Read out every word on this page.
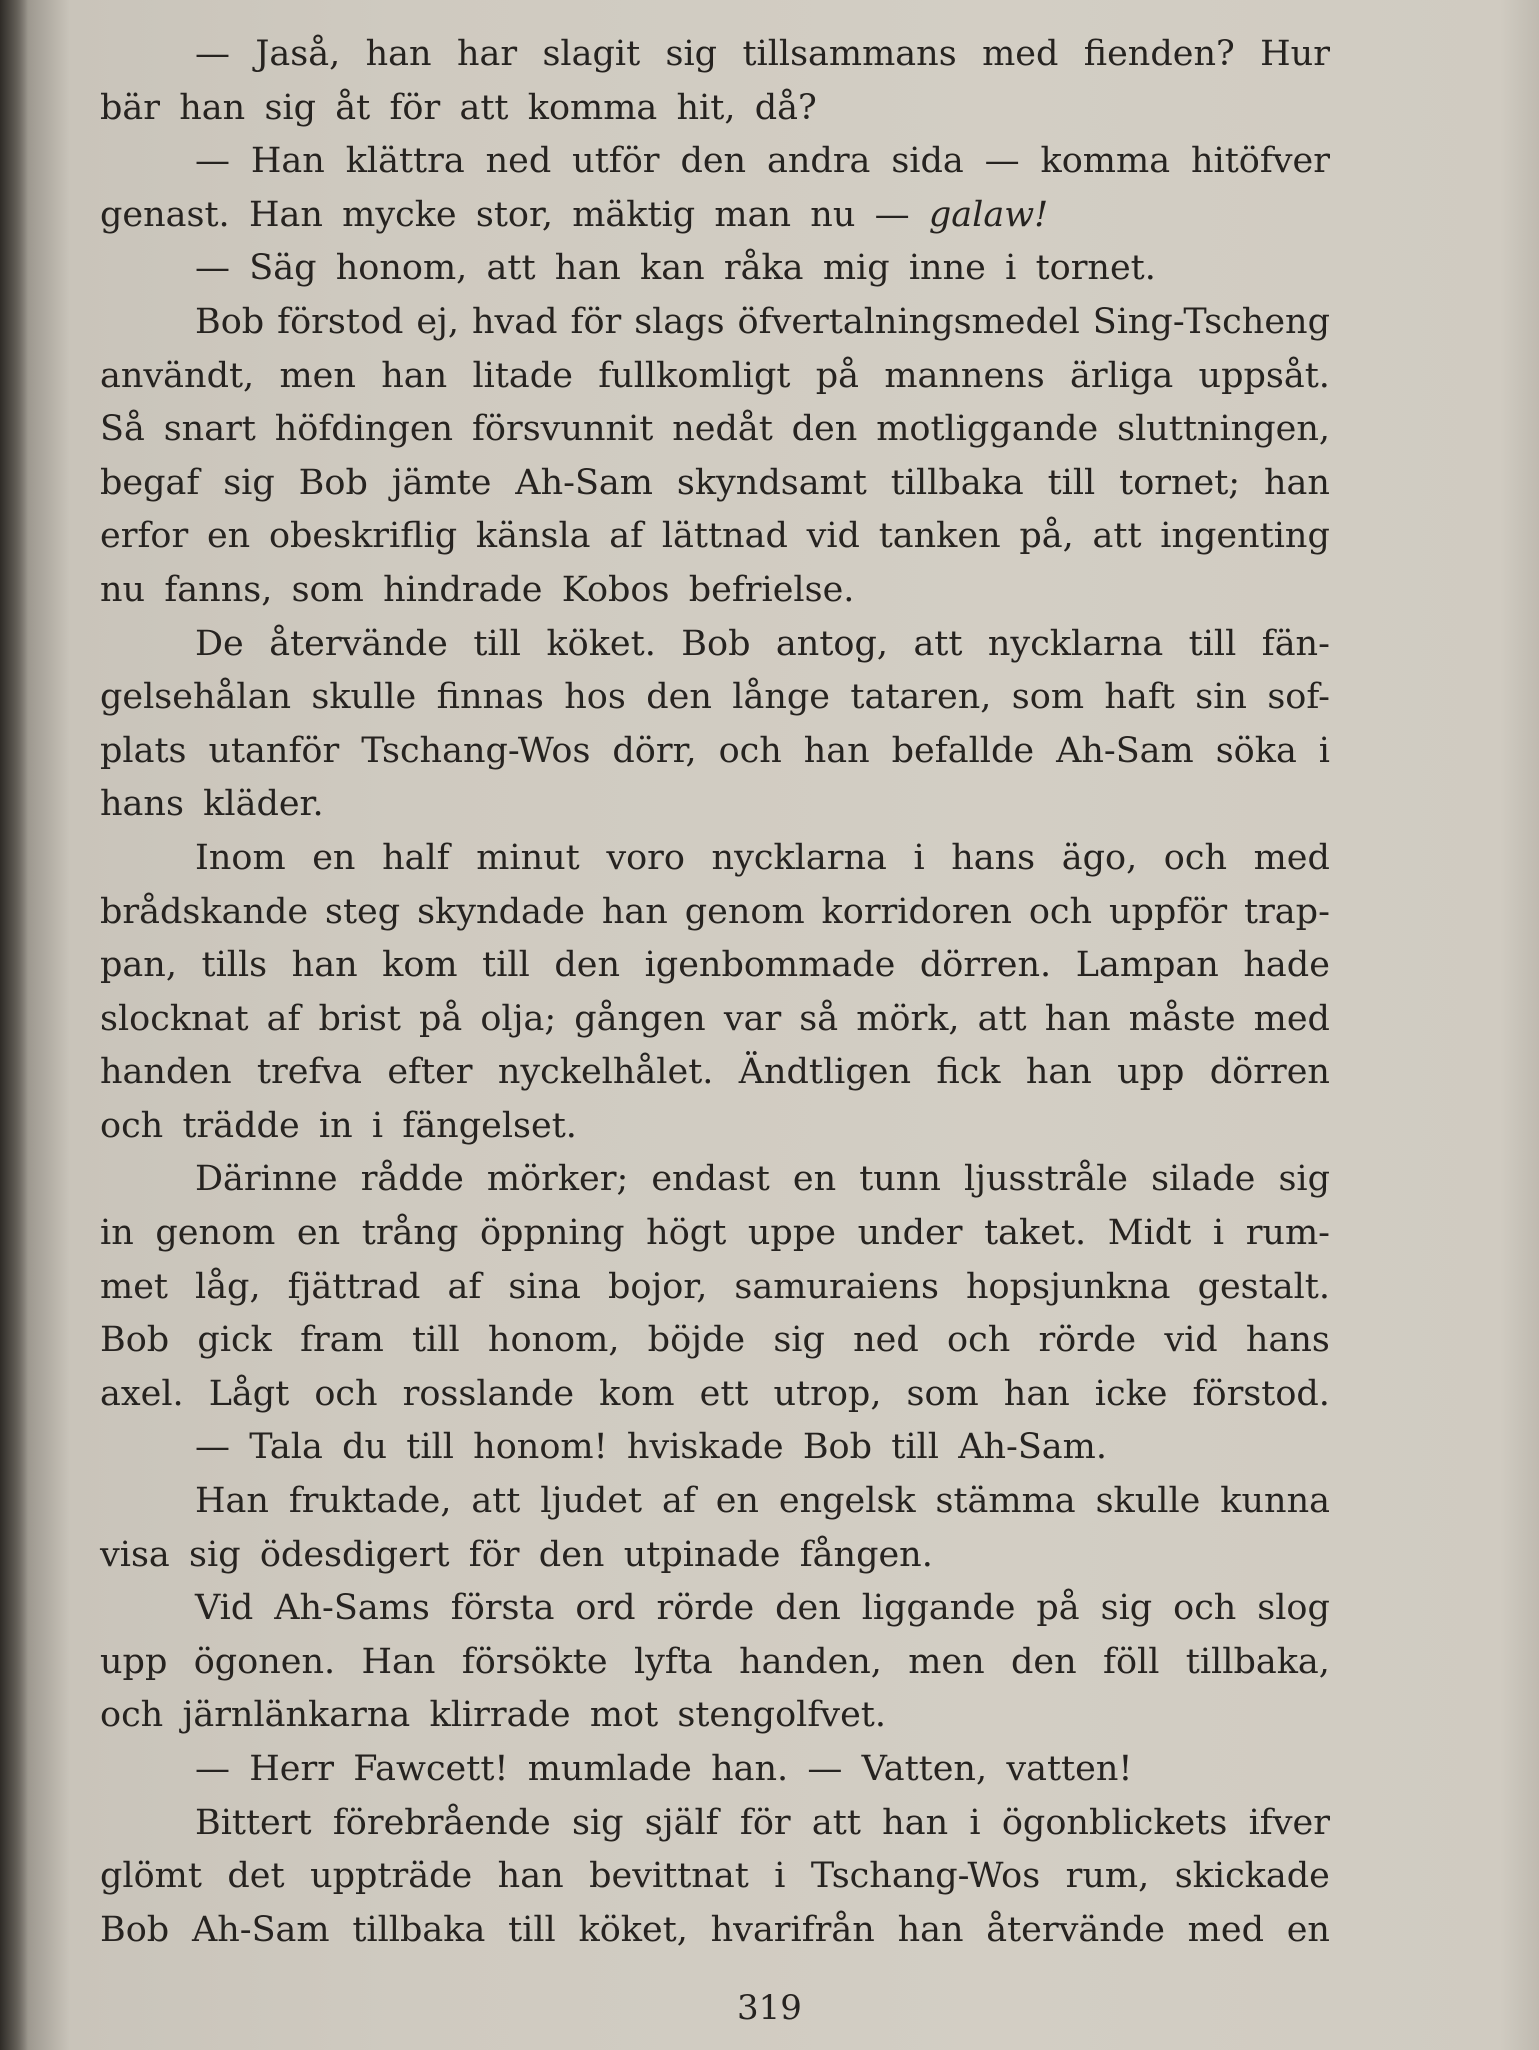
— Jaså, han har slagit sig tillsammans med fienden? Hur
bär han sig åt för att komma hit, då?
— Han klättra ned utför den andra sida — komma hitöfver
genast. Han mycke stor, mäktig man nu — galaw!
— Säg honom, att han kan råka mig inne i tornet.
Bob förstod ej, hvad för slags öfvertalningsmedel Sing-Tscheng
användt, men han litade fullkomligt på mannens ärliga uppsåt.
Så snart höfdingen försvunnit nedåt den motliggande sluttningen,
begaf sig Bob jämte Ah-Sam skyndsamt tillbaka till tornet; han
erfor en obeskriflig känsla af lättnad vid tanken på, att ingenting
nu fanns, som hindrade Kobos befrielse.
De återvände till köket. Bob antog, att nycklarna till fän-
gelsehålan skulle finnas hos den långe tataren, som haft sin sof-
plats utanför Tschang-Wos dörr, och han befallde Ah-Sam söka i
hans kläder.
Inom en half minut voro nycklarna i hans ägo, och med
brådskande steg skyndade han genom korridoren och uppför trap-
pan, tills han kom till den igenbommade dörren. Lampan hade
slocknat af brist på olja; gången var så mörk, att han måste med
handen trefva efter nyckelhålet. Ändtligen fick han upp dörren
och trädde in i fängelset.
Därinne rådde mörker; endast en tunn ljusstråle silade sig
in genom en trång öppning högt uppe under taket. Midt i rum-
met låg, fjättrad af sina bojor, samuraiens hopsjunkna gestalt.
Bob gick fram till honom, böjde sig ned och rörde vid hans
axel. Lågt och rosslande kom ett utrop, som han icke förstod.
— Tala du till honom! hviskade Bob till Ah-Sam.
Han fruktade, att ljudet af en engelsk stämma skulle kunna
visa sig ödesdigert för den utpinade fången.
Vid Ah-Sams första ord rörde den liggande på sig och slog
upp ögonen. Han försökte lyfta handen, men den föll tillbaka,
och järnlänkarna klirrade mot stengolfvet.
— Herr Fawcett! mumlade han. — Vatten, vatten!
Bittert förebrående sig själf för att han i ögonblickets ifver
glömt det uppträde han bevittnat i Tschang-Wos rum, skickade
Bob Ah-Sam tillbaka till köket, hvarifrån han återvände med en
319
